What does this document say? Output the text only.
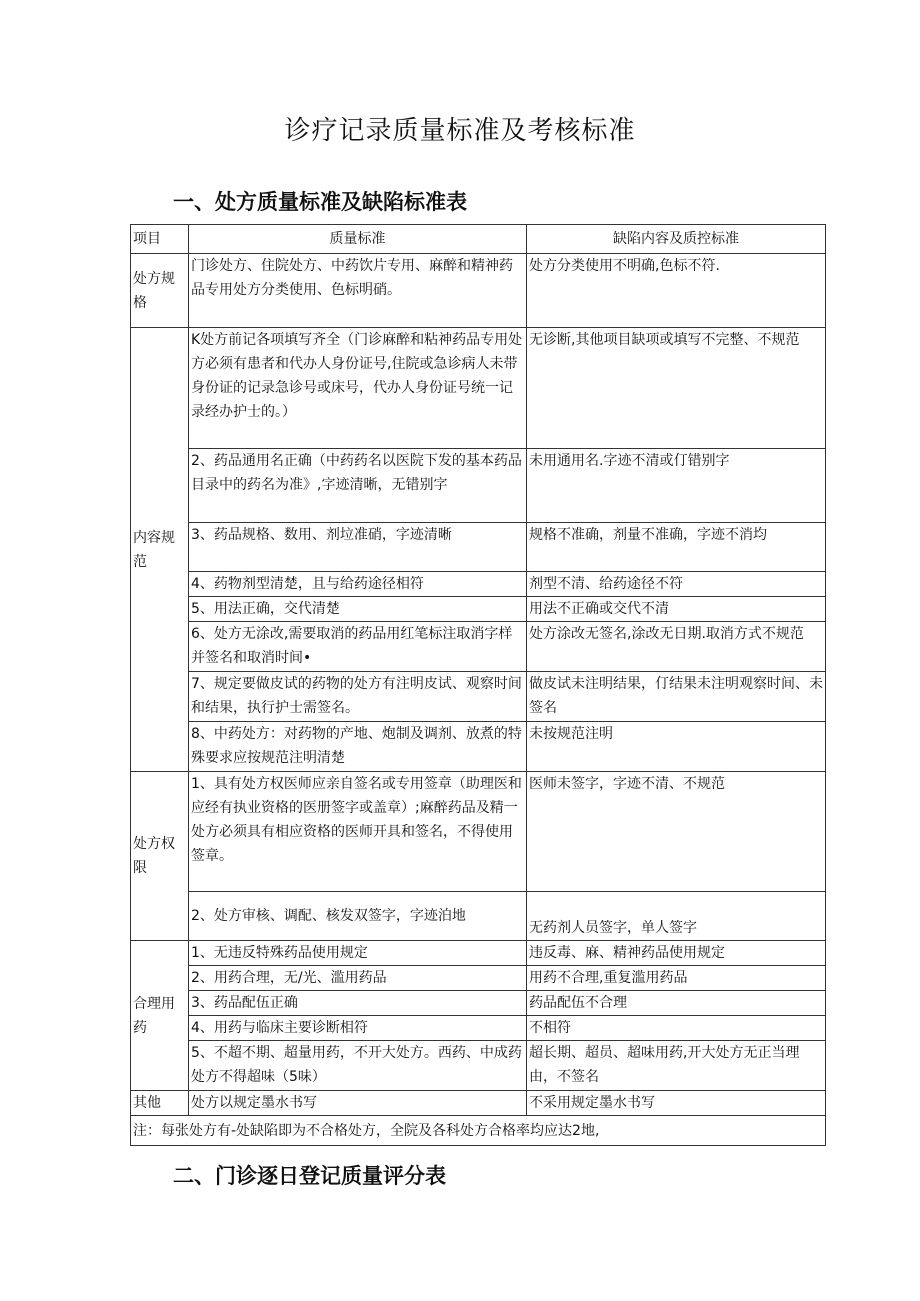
诊疗记录质量标准及考核标准
一、处方质量标准及缺陷标准表
项目	质量标准	缺陷内容及质控标准
处方规格	门诊处方、住院处方、中药饮片专用、麻醉和精神药品专用处方分类使用、色标明硝。	处方分类使用不明确,色标不符.
内容规范	K处方前记各项填写齐全（门诊麻醉和粘神药品专用处方必须有患者和代办人身份证号,住院或急诊病人未带身份证的记录急诊号或床号，代办人身份证号统一记录经办护士的。）	无诊断,其他项目缺项或填写不完整、不规范
	2、药品通用名正确（中药药名以医院下发的基本药品目录中的药名为准》,字迹清晰，无错别字	未用通用名.字迹不清或仃错别字
	3、药品规格、数用、剂垃准硝，字迹清晰	规格不准确，剂量不准确，字迹不消均
	4、药物剂型清楚，且与给药途径相符	剂型不清、给药途径不符
	5、用法正确，交代清楚	用法不正确或交代不清
	6、处方无涂改,需要取消的药品用红笔标注取消字样并签名和取消时间•	处方涂改无签名,涂改无日期.取消方式不规范
	7、规定要做皮试的药物的处方有注明皮试、观察时间和结果，执行护士需签名。	做皮试未注明结果，仃结果未注明观察时间、未签名
	8、中药处方：对药物的产地、炮制及调剂、放煮的特殊要求应按规范注明清楚	未按规范注明
处方权限	1、具有处方权医师应亲自签名或专用签章（助理医和应经有执业资格的医册签字或盖章）;麻醉药品及精一处方必须具有相应资格的医师开具和签名，不得使用签章。	医师未签字，字迹不清、不规范
	2、处方审核、调配、核发双签字，字迹泊地	无药剂人员签字，单人签字
合理用药	1、无违反特殊药品使用规定	违反毒、麻、精神药品使用规定
	2、用药合理，无/光、滥用药品	用药不合理,重复滥用药品
	3、药品配伍正确	药品配伍不合理
	4、用药与临床主要诊断相符	不相符
	5、不超不期、超量用药，不开大处方。西药、中成药处方不得超味（5味）	超长期、超员、超味用药,开大处方无正当理由，不签名
其他	处方以规定墨水书写	不采用规定墨水书写
注：每张处方有-处缺陷即为不合格处方，全院及各科处方合格率均应达2地,		
二、门诊逐日登记质量评分表
